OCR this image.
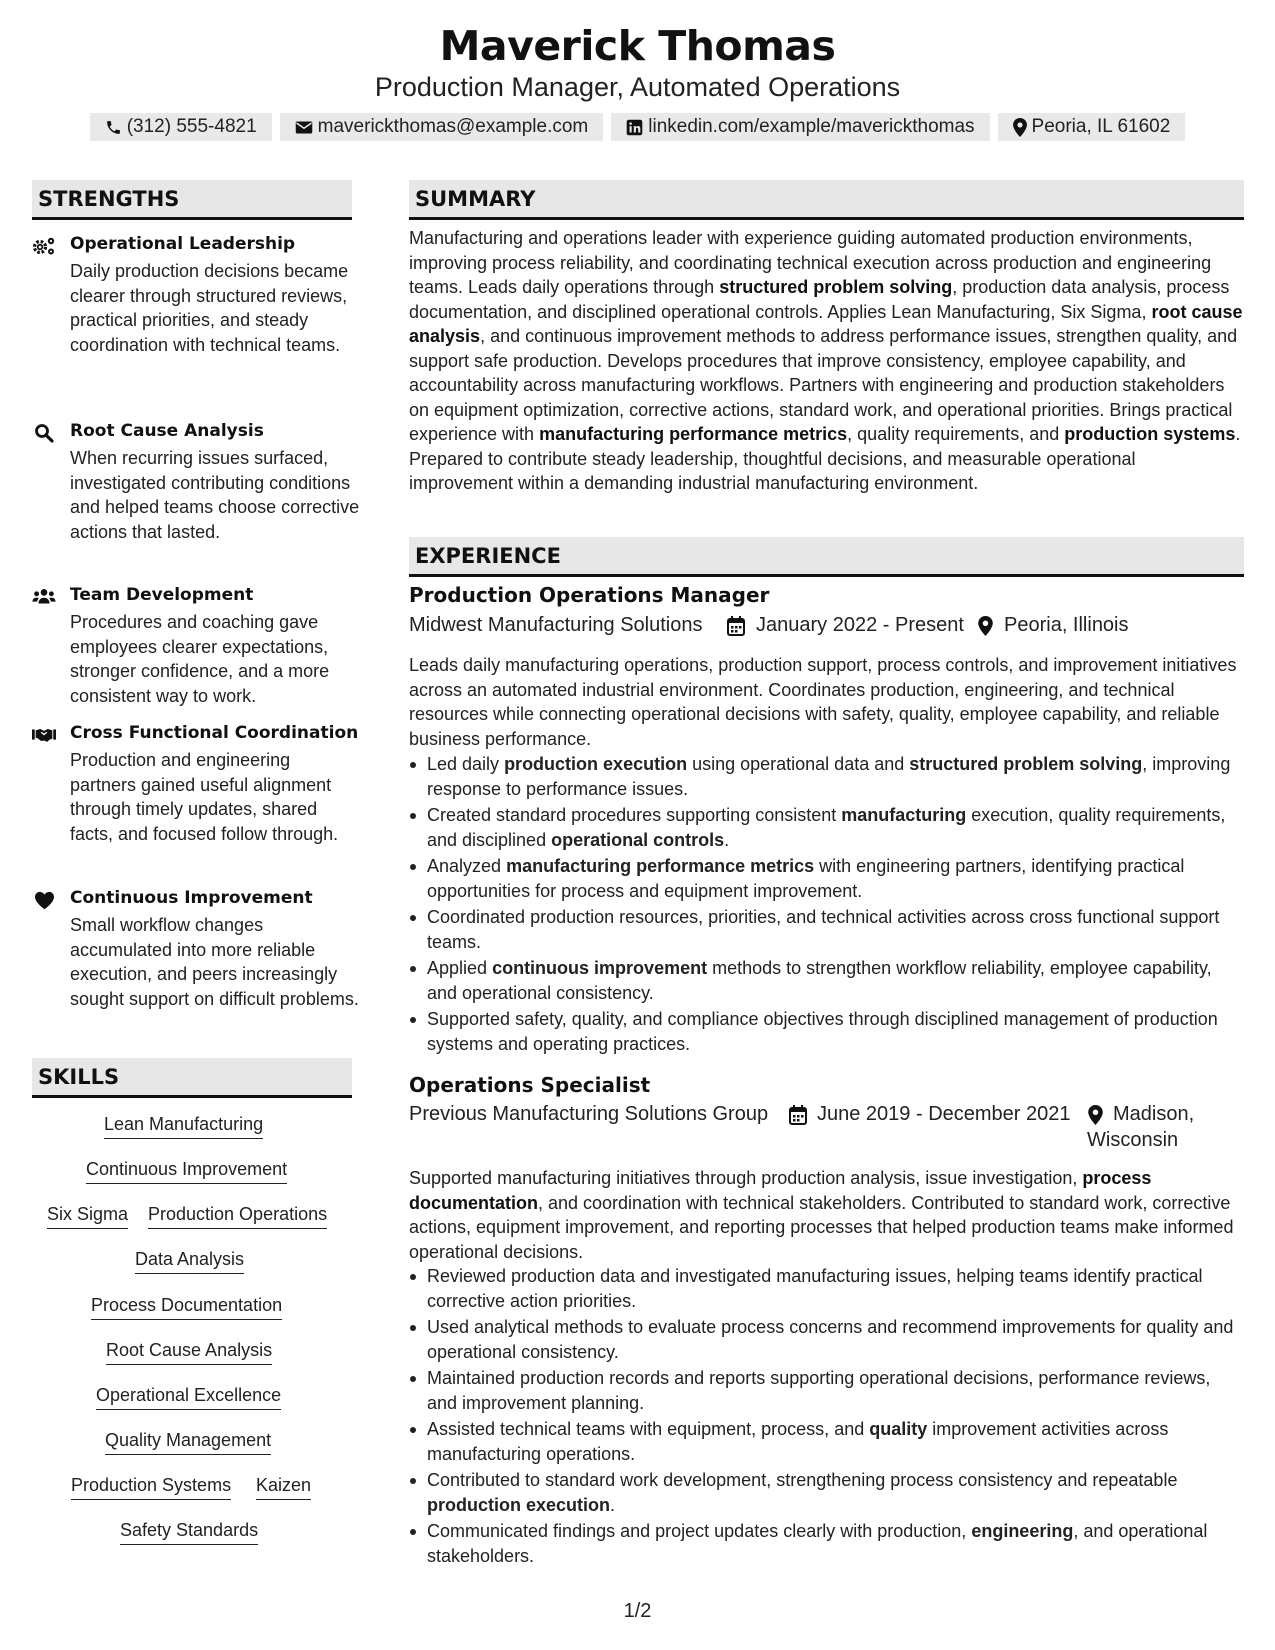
Maverick Thomas
Production Manager, Automated Operations
(312) 555-4821	maverickthomas@example.com	linkedin.com/example/maverickthomas	Peoria, IL 61602
STRENGTHS
Operational Leadership
Daily production decisions became clearer through structured reviews, practical priorities, and steady coordination with technical teams.
Root Cause Analysis
When recurring issues surfaced, investigated contributing conditions and helped teams choose corrective actions that lasted.
Team Development
Procedures and coaching gave employees clearer expectations, stronger confidence, and a more consistent way to work.
Cross Functional Coordination
Production and engineering partners gained useful alignment through timely updates, shared facts, and focused follow through.
Continuous Improvement
Small workflow changes accumulated into more reliable execution, and peers increasingly sought support on difficult problems.
SKILLS
Lean Manufacturing
Continuous Improvement
Six Sigma Production Operations
Data Analysis
Process Documentation
Root Cause Analysis
Operational Excellence
Quality Management
Production Systems Kaizen
Safety Standards
SUMMARY
Manufacturing and operations leader with experience guiding automated production environments, improving process reliability, and coordinating technical execution across production and engineering teams. Leads daily operations through structured problem solving, production data analysis, process documentation, and disciplined operational controls. Applies Lean Manufacturing, Six Sigma, root cause analysis, and continuous improvement methods to address performance issues, strengthen quality, and support safe production. Develops procedures that improve consistency, employee capability, and accountability across manufacturing workflows. Partners with engineering and production stakeholders on equipment optimization, corrective actions, standard work, and operational priorities. Brings practical experience with manufacturing performance metrics, quality requirements, and production systems. Prepared to contribute steady leadership, thoughtful decisions, and measurable operational improvement within a demanding industrial manufacturing environment.
EXPERIENCE
Production Operations Manager
Midwest Manufacturing Solutions	January 2022 - Present Peoria, Illinois
Leads daily manufacturing operations, production support, process controls, and improvement initiatives across an automated industrial environment. Coordinates production, engineering, and technical resources while connecting operational decisions with safety, quality, employee capability, and reliable business performance.
Led daily production execution using operational data and structured problem solving, improving response to performance issues.
Created standard procedures supporting consistent manufacturing execution, quality requirements, and disciplined operational controls.
Analyzed manufacturing performance metrics with engineering partners, identifying practical opportunities for process and equipment improvement.
Coordinated production resources, priorities, and technical activities across cross functional support teams.
Applied continuous improvement methods to strengthen workflow reliability, employee capability, and operational consistency.
Supported safety, quality, and compliance objectives through disciplined management of production systems and operating practices.
Operations Specialist
Previous Manufacturing Solutions Group June 2019 - December 2021 Madison,
Wisconsin
Supported manufacturing initiatives through production analysis, issue investigation, process documentation, and coordination with technical stakeholders. Contributed to standard work, corrective actions, equipment improvement, and reporting processes that helped production teams make informed operational decisions.
Reviewed production data and investigated manufacturing issues, helping teams identify practical corrective action priorities.
Used analytical methods to evaluate process concerns and recommend improvements for quality and operational consistency.
Maintained production records and reports supporting operational decisions, performance reviews, and improvement planning.
Assisted technical teams with equipment, process, and quality improvement activities across manufacturing operations.
Contributed to standard work development, strengthening process consistency and repeatable production execution.
Communicated findings and project updates clearly with production, engineering, and operational stakeholders.
1/2
